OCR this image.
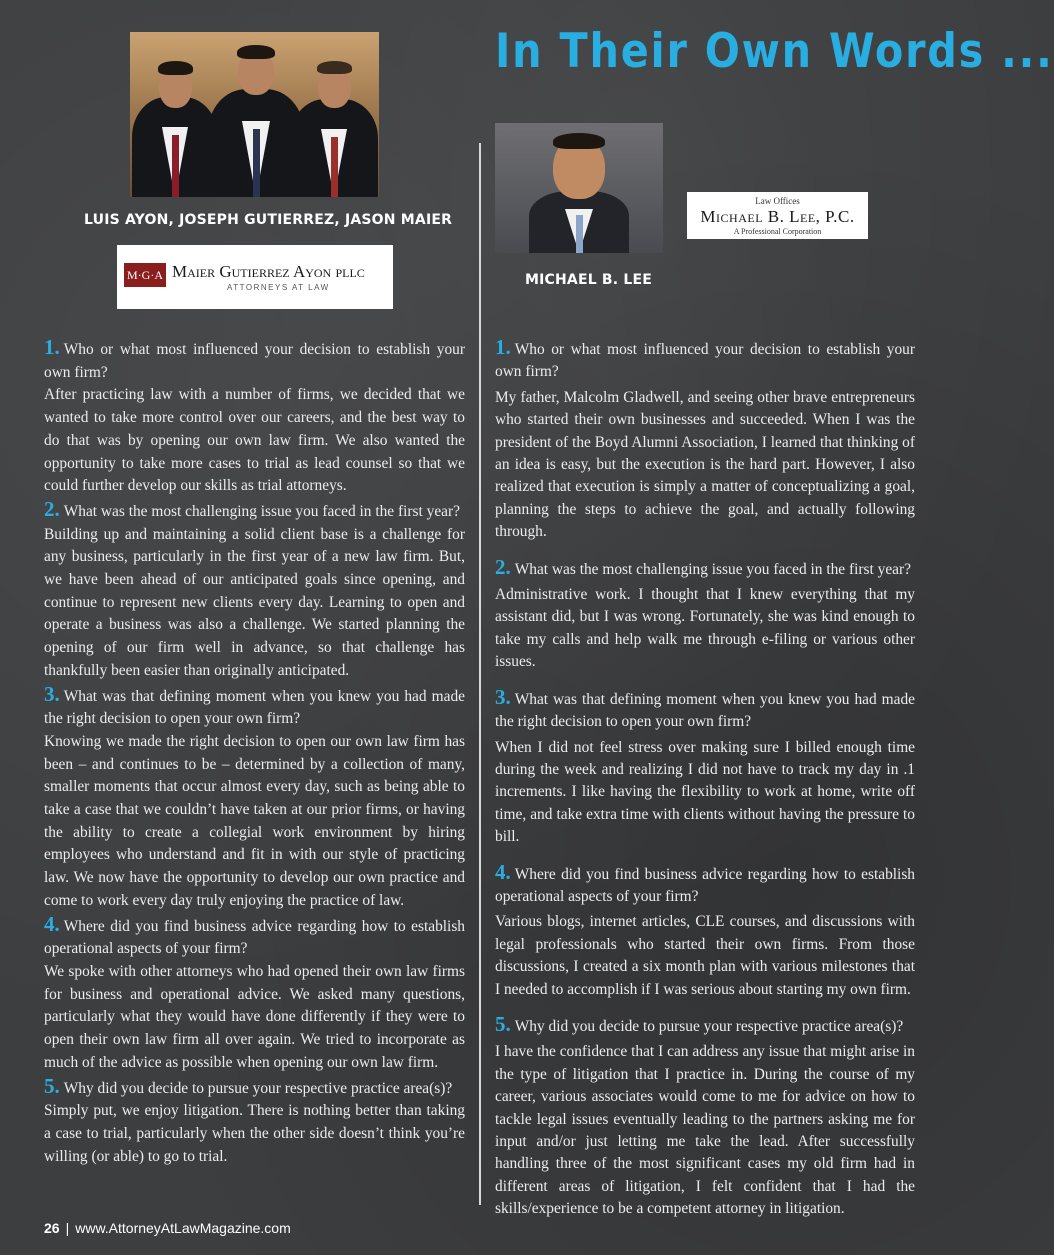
In Their Own Words ...
LUIS AYON, JOSEPH GUTIERREZ, JASON MAIER
M·G·A Maier Gutierrez Ayon pllc
ATTORNEYS AT LAW
Law Offices
Michael B. Lee, P.C.
A Professional Corporation
MICHAEL B. LEE

1. Who or what most influenced your decision to establish your own firm?

After practicing law with a number of firms, we decided that we wanted to take more control over our careers, and the best way to do that was by opening our own law firm. We also wanted the opportunity to take more cases to trial as lead counsel so that we could further develop our skills as trial attorneys.

2. What was the most challenging issue you faced in the first year?

Building up and maintaining a solid client base is a challenge for any business, particularly in the first year of a new law firm. But, we have been ahead of our anticipated goals since opening, and continue to represent new clients every day. Learning to open and operate a business was also a challenge. We started planning the opening of our firm well in advance, so that challenge has thankfully been easier than originally anticipated.

3. What was that defining moment when you knew you had made the right decision to open your own firm?

Knowing we made the right decision to open our own law firm has been – and continues to be – determined by a collection of many, smaller moments that occur almost every day, such as being able to take a case that we couldn’t have taken at our prior firms, or having the ability to create a collegial work environment by hiring employees who understand and fit in with our style of practicing law. We now have the opportunity to develop our own practice and come to work every day truly enjoying the practice of law.

4. Where did you find business advice regarding how to establish operational aspects of your firm?

We spoke with other attorneys who had opened their own law firms for business and operational advice. We asked many questions, particularly what they would have done differently if they were to open their own law firm all over again. We tried to incorporate as much of the advice as possible when opening our own law firm.

5. Why did you decide to pursue your respective practice area(s)?

Simply put, we enjoy litigation. There is nothing better than taking a case to trial, particularly when the other side doesn’t think you’re willing (or able) to go to trial.

1. Who or what most influenced your decision to establish your own firm?

My father, Malcolm Gladwell, and seeing other brave entrepreneurs who started their own businesses and succeeded. When I was the president of the Boyd Alumni Association, I learned that thinking of an idea is easy, but the execution is the hard part. However, I also realized that execution is simply a matter of conceptualizing a goal, planning the steps to achieve the goal, and actually following through.

2. What was the most challenging issue you faced in the first year?

Administrative work. I thought that I knew everything that my assistant did, but I was wrong. Fortunately, she was kind enough to take my calls and help walk me through e-filing or various other issues.

3. What was that defining moment when you knew you had made the right decision to open your own firm?

When I did not feel stress over making sure I billed enough time during the week and realizing I did not have to track my day in .1 increments. I like having the flexibility to work at home, write off time, and take extra time with clients without having the pressure to bill.

4. Where did you find business advice regarding how to establish operational aspects of your firm?

Various blogs, internet articles, CLE courses, and discussions with legal professionals who started their own firms. From those discussions, I created a six month plan with various milestones that I needed to accomplish if I was serious about starting my own firm.

5. Why did you decide to pursue your respective practice area(s)?

I have the confidence that I can address any issue that might arise in the type of litigation that I practice in. During the course of my career, various associates would come to me for advice on how to tackle legal issues eventually leading to the partners asking me for input and/or just letting me take the lead. After successfully handling three of the most significant cases my old firm had in different areas of litigation, I felt confident that I had the skills/experience to be a competent attorney in litigation.

26 | www.AttorneyAtLawMagazine.com
